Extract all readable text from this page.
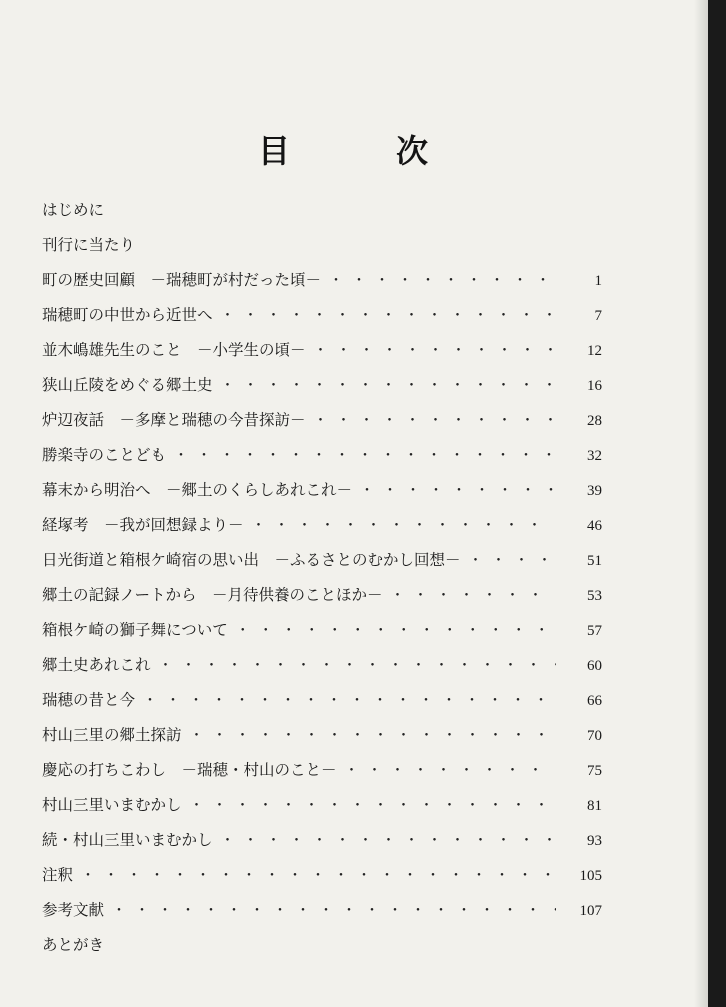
目	次
はじめに
刊行に当たり
町の歴史回顧　－瑞穂町が村だった頃－ ・・・・・・・・・・・・・・・・・・・・・・・・・・・・・・・・・・・・・・・・・・・	1
瑞穂町の中世から近世へ ・・・・・・・・・・・・・・・・・・・・・・・・・・・・・・・・・・・・・・・・・・・	7
並木嶋雄先生のこと　－小学生の頃－ ・・・・・・・・・・・・・・・・・・・・・・・・・・・・・・・・・・・・・・・・・・・	12
狭山丘陵をめぐる郷土史 ・・・・・・・・・・・・・・・・・・・・・・・・・・・・・・・・・・・・・・・・・・・	16
炉辺夜話　－多摩と瑞穂の今昔探訪－ ・・・・・・・・・・・・・・・・・・・・・・・・・・・・・・・・・・・・・・・・・・・	28
勝楽寺のことども ・・・・・・・・・・・・・・・・・・・・・・・・・・・・・・・・・・・・・・・・・・・	32
幕末から明治へ　－郷土のくらしあれこれ－ ・・・・・・・・・・・・・・・・・・・・・・・・・・・・・・・・・・・・・・・・・・・	39
経塚考　－我が回想録より－ ・・・・・・・・・・・・・・・・・・・・・・・・・・・・・・・・・・・・・・・・・・・	46
日光街道と箱根ケ崎宿の思い出　－ふるさとのむかし回想－ ・・・・・・・・・・・・・・・・・・・・・・・・・・・・・・・・・・・・・・・・・・・	51
郷土の記録ノートから　－月待供養のことほか－ ・・・・・・・・・・・・・・・・・・・・・・・・・・・・・・・・・・・・・・・・・・・	53
箱根ケ崎の獅子舞について ・・・・・・・・・・・・・・・・・・・・・・・・・・・・・・・・・・・・・・・・・・・	57
郷土史あれこれ ・・・・・・・・・・・・・・・・・・・・・・・・・・・・・・・・・・・・・・・・・・・	60
瑞穂の昔と今 ・・・・・・・・・・・・・・・・・・・・・・・・・・・・・・・・・・・・・・・・・・・	66
村山三里の郷土探訪 ・・・・・・・・・・・・・・・・・・・・・・・・・・・・・・・・・・・・・・・・・・・	70
慶応の打ちこわし　－瑞穂・村山のこと－ ・・・・・・・・・・・・・・・・・・・・・・・・・・・・・・・・・・・・・・・・・・・	75
村山三里いまむかし ・・・・・・・・・・・・・・・・・・・・・・・・・・・・・・・・・・・・・・・・・・・	81
続・村山三里いまむかし ・・・・・・・・・・・・・・・・・・・・・・・・・・・・・・・・・・・・・・・・・・・	93
注釈 ・・・・・・・・・・・・・・・・・・・・・・・・・・・・・・・・・・・・・・・・・・・	105
参考文献 ・・・・・・・・・・・・・・・・・・・・・・・・・・・・・・・・・・・・・・・・・・・	107
あとがき
